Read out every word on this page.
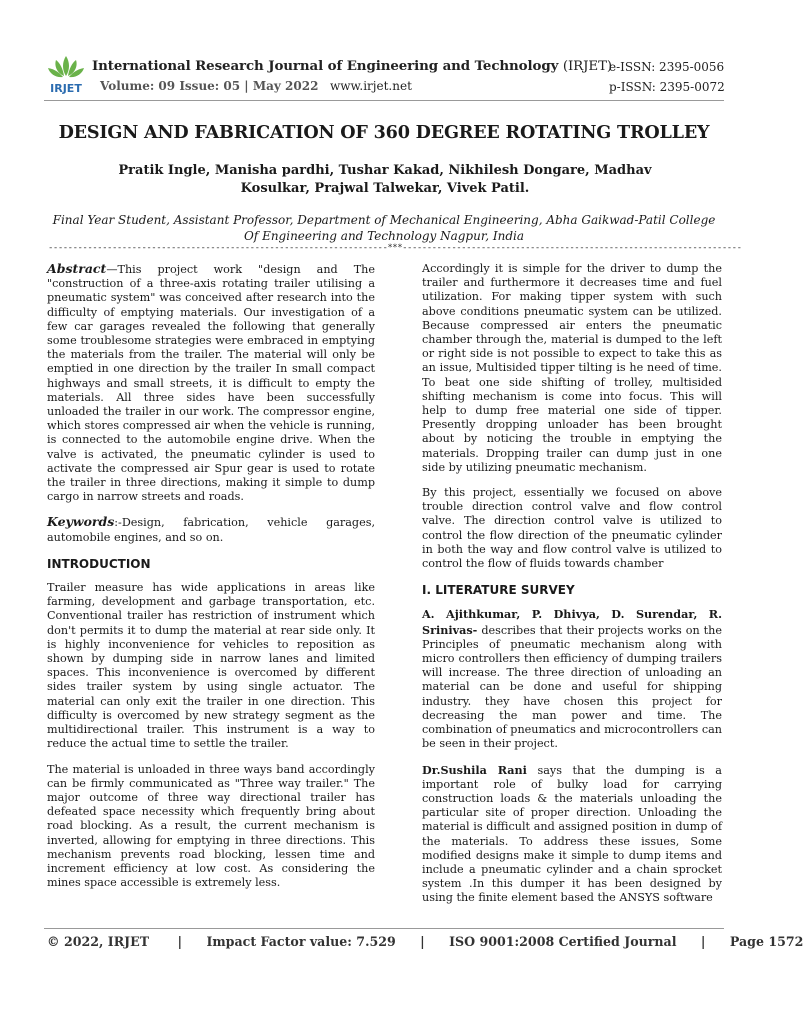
IRJET
International Research Journal of Engineering and Technology (IRJET)
Volume: 09 Issue: 05 | May 2022 www.irjet.net
e-ISSN: 2395-0056
p-ISSN: 2395-0072
DESIGN AND FABRICATION OF 360 DEGREE ROTATING TROLLEY
Pratik Ingle, Manisha pardhi, Tushar Kakad, Nikhilesh Dongare, Madhav Kosulkar, Prajwal Talwekar, Vivek Patil.
Final Year Student, Assistant Professor, Department of Mechanical Engineering, Abha Gaikwad-Patil College Of Engineering and Technology Nagpur, India
---------------------------------------------------------------------***---------------------------------------------------------------------

Abstract—This project work "design and The "construction of a three-axis rotating trailer utilising a pneumatic system" was conceived after research into the difficulty of emptying materials. Our investigation of a few car garages revealed the following that generally some troublesome strategies were embraced in emptying the materials from the trailer. The material will only be emptied in one direction by the trailer In small compact highways and small streets, it is difficult to empty the materials. All three sides have been successfully unloaded the trailer in our work. The compressor engine, which stores compressed air when the vehicle is running, is connected to the automobile engine drive. When the valve is activated, the pneumatic cylinder is used to activate the compressed air Spur gear is used to rotate the trailer in three directions, making it simple to dump cargo in narrow streets and roads.

Keywords:-Design, fabrication, vehicle garages, automobile engines, and so on.

INTRODUCTION

Trailer measure has wide applications in areas like farming, development and garbage transportation, etc. Conventional trailer has restriction of instrument which don't permits it to dump the material at rear side only. It is highly inconvenience for vehicles to reposition as shown by dumping side in narrow lanes and limited spaces. This inconvenience is overcomed by different sides trailer system by using single actuator. The material can only exit the trailer in one direction. This difficulty is overcomed by new strategy segment as the multidirectional trailer. This instrument is a way to reduce the actual time to settle the trailer.

The material is unloaded in three ways band accordingly can be firmly communicated as "Three way trailer." The major outcome of three way directional trailer has defeated space necessity which frequently bring about road blocking. As a result, the current mechanism is inverted, allowing for emptying in three directions. This mechanism prevents road blocking, lessen time and increment efficiency at low cost. As considering the mines space accessible is extremely less.

Accordingly it is simple for the driver to dump the trailer and furthermore it decreases time and fuel utilization. For making tipper system with such above conditions pneumatic system can be utilized. Because compressed air enters the pneumatic chamber through the, material is dumped to the left or right side is not possible to expect to take this as an issue, Multisided tipper tilting is he need of time. To beat one side shifting of trolley, multisided shifting mechanism is come into focus. This will help to dump free material one side of tipper. Presently dropping unloader has been brought about by noticing the trouble in emptying the materials. Dropping trailer can dump just in one side by utilizing pneumatic mechanism.

By this project, essentially we focused on above trouble direction control valve and flow control valve. The direction control valve is utilized to control the flow direction of the pneumatic cylinder in both the way and flow control valve is utilized to control the flow of fluids towards chamber

I. LITERATURE SURVEY

A. Ajithkumar, P. Dhivya, D. Surendar, R. Srinivas- describes that their projects works on the Principles of pneumatic mechanism along with micro controllers then efficiency of dumping trailers will increase. The three direction of unloading an material can be done and useful for shipping industry. they have chosen this project for decreasing the man power and time. The combination of pneumatics and microcontrollers can be seen in their project.

Dr.Sushila Rani says that the dumping is a important role of bulky load for carrying construction loads & the materials unloading the particular site of proper direction. Unloading the material is difficult and assigned position in dump of the materials. To address these issues, Some modified designs make it simple to dump items and include a pneumatic cylinder and a chain sprocket system .In this dumper it has been designed by using the finite element based the ANSYS software

© 2022, IRJET | Impact Factor value: 7.529 | ISO 9001:2008 Certified Journal | Page 1572
